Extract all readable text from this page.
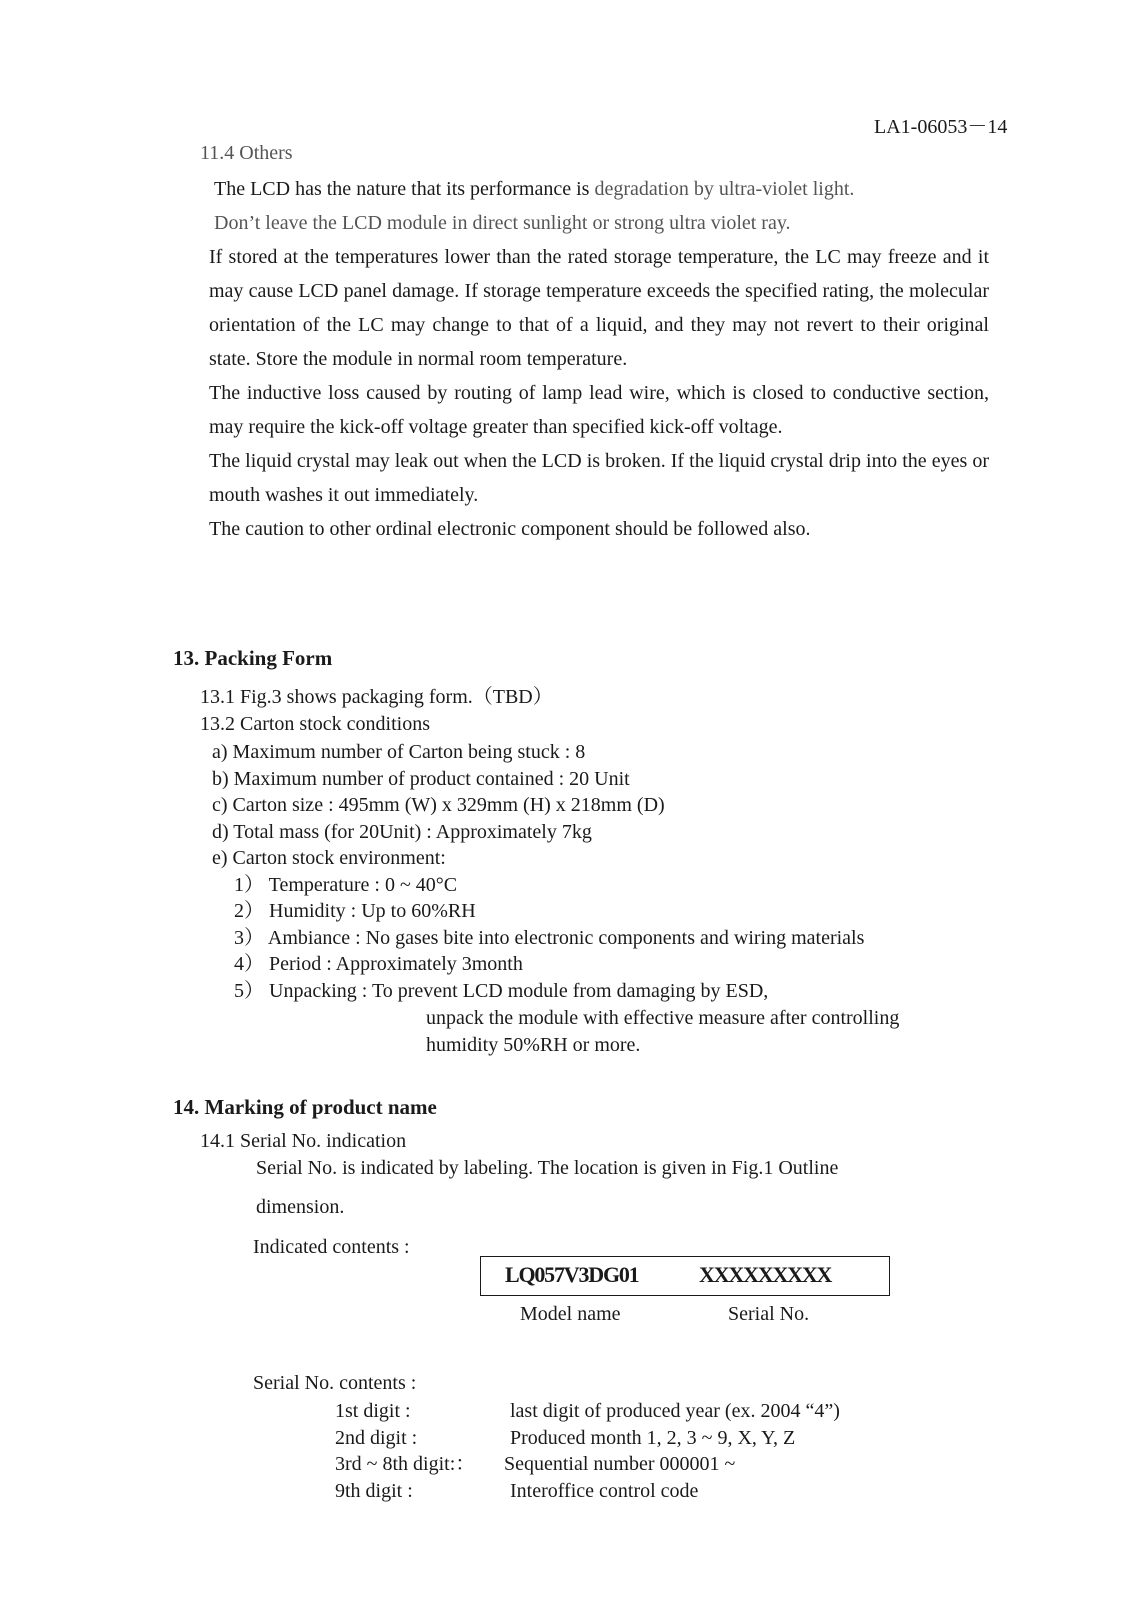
LA1-06053－14
11.4 Others

The LCD has the nature that its performance is degradation by ultra-violet light.

Don’t leave the LCD module in direct sunlight or strong ultra violet ray.

If stored at the temperatures lower than the rated storage temperature, the LC may freeze and it may cause LCD panel damage. If storage temperature exceeds the specified rating, the molecular orientation of the LC may change to that of a liquid, and they may not revert to their original state. Store the module in normal room temperature.

The inductive loss caused by routing of lamp lead wire, which is closed to conductive section, may require the kick-off voltage greater than specified kick-off voltage.

The liquid crystal may leak out when the LCD is broken. If the liquid crystal drip into the eyes or mouth washes it out immediately.

The caution to other ordinal electronic component should be followed also.

13. Packing Form
13.1 Fig.3 shows packaging form.（TBD）
13.2 Carton stock conditions
a) Maximum number of Carton being stuck : 8
b) Maximum number of product contained : 20 Unit
c) Carton size : 495mm (W) x 329mm (H) x 218mm (D)
d) Total mass (for 20Unit) : Approximately 7kg
e) Carton stock environment:
1） Temperature : 0 ~ 40°C
2） Humidity : Up to 60%RH
3） Ambiance : No gases bite into electronic components and wiring materials
4） Period : Approximately 3month
5） Unpacking : To prevent LCD module from damaging by ESD,
unpack the module with effective measure after controlling
humidity 50%RH or more.
14. Marking of product name
14.1 Serial No. indication
Serial No. is indicated by labeling. The location is given in Fig.1 Outline
dimension.
Indicated contents :
LQ057V3DG01	XXXXXXXXX
Model name	Serial No.
Serial No. contents :
1st digit :
2nd digit :
3rd ~ 8th digit:：
9th digit :
last digit of produced year (ex. 2004 “4”)
Produced month 1, 2, 3 ~ 9, X, Y, Z
Sequential number 000001 ~
Interoffice control code
